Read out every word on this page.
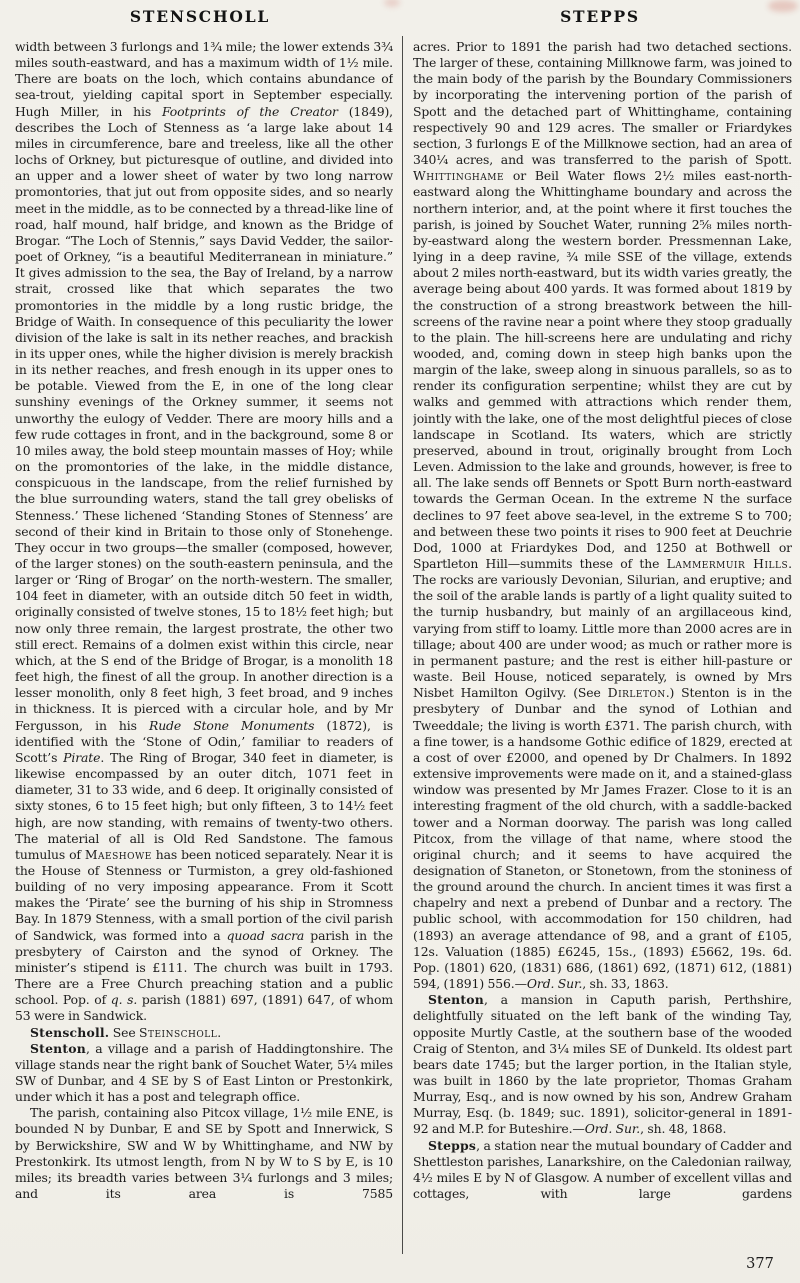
STENSCHOLL	STEPPS

width between 3 furlongs and 1¾ mile; the lower extends 3¾ miles south-eastward, and has a maximum width of 1½ mile. There are boats on the loch, which contains abundance of sea-trout, yielding capital sport in September especially. Hugh Miller, in his Footprints of the Creator (1849), describes the Loch of Stenness as ‘a large lake about 14 miles in circumference, bare and treeless, like all the other lochs of Orkney, but picturesque of outline, and divided into an upper and a lower sheet of water by two long narrow promontories, that jut out from opposite sides, and so nearly meet in the middle, as to be connected by a thread-like line of road, half mound, half bridge, and known as the Bridge of Brogar. “The Loch of Stennis,” says David Vedder, the sailor-poet of Orkney, “is a beautiful Mediterranean in miniature.” It gives admission to the sea, the Bay of Ireland, by a narrow strait, crossed like that which separates the two promontories in the middle by a long rustic bridge, the Bridge of Waith. In consequence of this peculiarity the lower division of the lake is salt in its nether reaches, and brackish in its upper ones, while the higher division is merely brackish in its nether reaches, and fresh enough in its upper ones to be potable. Viewed from the E, in one of the long clear sunshiny evenings of the Orkney summer, it seems not unworthy the eulogy of Vedder. There are moory hills and a few rude cottages in front, and in the background, some 8 or 10 miles away, the bold steep mountain masses of Hoy; while on the promontories of the lake, in the middle distance, conspicuous in the landscape, from the relief furnished by the blue surrounding waters, stand the tall grey obelisks of Stenness.’ These lichened ‘Standing Stones of Stenness’ are second of their kind in Britain to those only of Stonehenge. They occur in two groups—the smaller (composed, however, of the larger stones) on the south-eastern peninsula, and the larger or ‘Ring of Brogar’ on the north-western. The smaller, 104 feet in diameter, with an outside ditch 50 feet in width, originally consisted of twelve stones, 15 to 18½ feet high; but now only three remain, the largest prostrate, the other two still erect. Remains of a dolmen exist within this circle, near which, at the S end of the Bridge of Brogar, is a monolith 18 feet high, the finest of all the group. In another direction is a lesser monolith, only 8 feet high, 3 feet broad, and 9 inches in thickness. It is pierced with a circular hole, and by Mr Fergusson, in his Rude Stone Monuments (1872), is identified with the ‘Stone of Odin,’ familiar to readers of Scott’s Pirate. The Ring of Brogar, 340 feet in diameter, is likewise encompassed by an outer ditch, 1071 feet in diameter, 31 to 33 wide, and 6 deep. It originally consisted of sixty stones, 6 to 15 feet high; but only fifteen, 3 to 14½ feet high, are now standing, with remains of twenty-two others. The material of all is Old Red Sandstone. The famous tumulus of Maeshowe has been noticed separately. Near it is the House of Stenness or Turmiston, a grey old-fashioned building of no very imposing appearance. From it Scott makes the ‘Pirate’ see the burning of his ship in Stromness Bay. In 1879 Stenness, with a small portion of the civil parish of Sandwick, was formed into a quoad sacra parish in the presbytery of Cairston and the synod of Orkney. The minister’s stipend is £111. The church was built in 1793. There are a Free Church preaching station and a public school. Pop. of q. s. parish (1881) 697, (1891) 647, of whom 53 were in Sandwick.

Stenscholl. See Steinscholl.

Stenton, a village and a parish of Haddingtonshire. The village stands near the right bank of Souchet Water, 5¼ miles SW of Dunbar, and 4 SE by S of East Linton or Prestonkirk, under which it has a post and telegraph office.

The parish, containing also Pitcox village, 1½ mile ENE, is bounded N by Dunbar, E and SE by Spott and Innerwick, S by Berwickshire, SW and W by Whittinghame, and NW by Prestonkirk. Its utmost length, from N by W to S by E, is 10 miles; its breadth varies between 3¼ furlongs and 3 miles; and its area is 7585

acres. Prior to 1891 the parish had two detached sections. The larger of these, containing Millknowe farm, was joined to the main body of the parish by the Boundary Commissioners by incorporating the intervening portion of the parish of Spott and the detached part of Whittinghame, containing respectively 90 and 129 acres. The smaller or Friardykes section, 3 furlongs E of the Millknowe section, had an area of 340¼ acres, and was transferred to the parish of Spott. Whittinghame or Beil Water flows 2½ miles east-north-eastward along the Whittinghame boundary and across the northern interior, and, at the point where it first touches the parish, is joined by Souchet Water, running 2⅝ miles north-by-eastward along the western border. Pressmennan Lake, lying in a deep ravine, ¾ mile SSE of the village, extends about 2 miles north-eastward, but its width varies greatly, the average being about 400 yards. It was formed about 1819 by the construction of a strong breastwork between the hill-screens of the ravine near a point where they stoop gradually to the plain. The hill-screens here are undulating and richy wooded, and, coming down in steep high banks upon the margin of the lake, sweep along in sinuous parallels, so as to render its configuration serpentine; whilst they are cut by walks and gemmed with attractions which render them, jointly with the lake, one of the most delightful pieces of close landscape in Scotland. Its waters, which are strictly preserved, abound in trout, originally brought from Loch Leven. Admission to the lake and grounds, however, is free to all. The lake sends off Bennets or Spott Burn north-eastward towards the German Ocean. In the extreme N the surface declines to 97 feet above sea-level, in the extreme S to 700; and between these two points it rises to 900 feet at Deuchrie Dod, 1000 at Friardykes Dod, and 1250 at Bothwell or Spartleton Hill—summits these of the Lammermuir Hills. The rocks are variously Devonian, Silurian, and eruptive; and the soil of the arable lands is partly of a light quality suited to the turnip husbandry, but mainly of an argillaceous kind, varying from stiff to loamy. Little more than 2000 acres are in tillage; about 400 are under wood; as much or rather more is in permanent pasture; and the rest is either hill-pasture or waste. Beil House, noticed separately, is owned by Mrs Nisbet Hamilton Ogilvy. (See Dirleton.) Stenton is in the presbytery of Dunbar and the synod of Lothian and Tweeddale; the living is worth £371. The parish church, with a fine tower, is a handsome Gothic edifice of 1829, erected at a cost of over £2000, and opened by Dr Chalmers. In 1892 extensive improvements were made on it, and a stained-glass window was presented by Mr James Frazer. Close to it is an interesting fragment of the old church, with a saddle-backed tower and a Norman doorway. The parish was long called Pitcox, from the village of that name, where stood the original church; and it seems to have acquired the designation of Staneton, or Stonetown, from the stoniness of the ground around the church. In ancient times it was first a chapelry and next a prebend of Dunbar and a rectory. The public school, with accommodation for 150 children, had (1893) an average attendance of 98, and a grant of £105, 12s. Valuation (1885) £6245, 15s., (1893) £5662, 19s. 6d. Pop. (1801) 620, (1831) 686, (1861) 692, (1871) 612, (1881) 594, (1891) 556.—Ord. Sur., sh. 33, 1863.

Stenton, a mansion in Caputh parish, Perthshire, delightfully situated on the left bank of the winding Tay, opposite Murtly Castle, at the southern base of the wooded Craig of Stenton, and 3¼ miles SE of Dunkeld. Its oldest part bears date 1745; but the larger portion, in the Italian style, was built in 1860 by the late proprietor, Thomas Graham Murray, Esq., and is now owned by his son, Andrew Graham Murray, Esq. (b. 1849; suc. 1891), solicitor-general in 1891-92 and M.P. for Buteshire.—Ord. Sur., sh. 48, 1868.

Stepps, a station near the mutual boundary of Cadder and Shettleston parishes, Lanarkshire, on the Caledonian railway, 4½ miles E by N of Glasgow. A number of excellent villas and cottages, with large gardens

377
